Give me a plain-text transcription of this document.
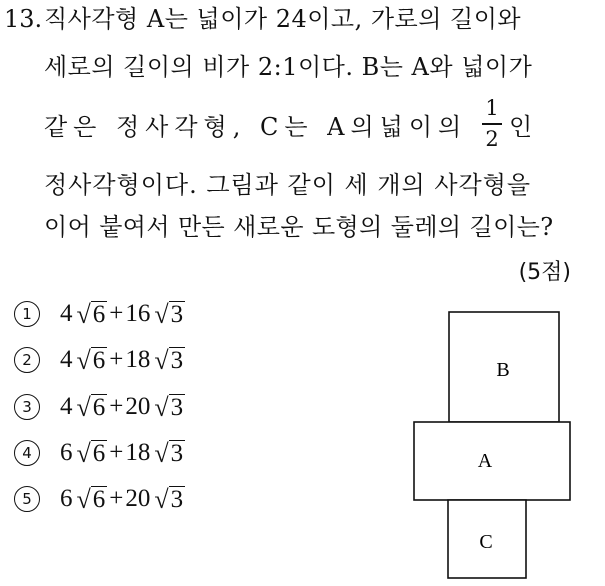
13. 직사각형 A는 넓이가 24이고, 가로의 길이와
세로의 길이의 비가 2:1이다. B는 A와 넓이가
같은 정사각형, C는 A의넓이의
1
2 인
정사각형이다. 그림과 같이 세 개의 사각형을
이어 붙여서 만든 새로운 도형의 둘레의 길이는?
(5점)
1	4 √ 6 + 16 √ 3
2	4 √ 6 + 18 √ 3
3	4 √ 6 + 20 √ 3
4	6 √ 6 + 18 √ 3
5	6 √ 6 + 20 √ 3
B
A
C
